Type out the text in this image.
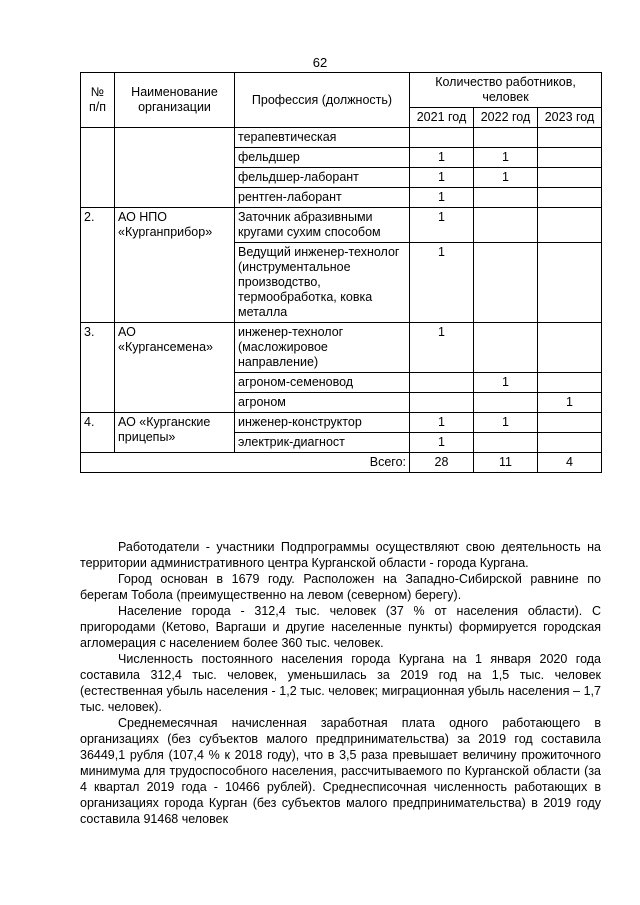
62
№ п/п	Наименование организации	Профессия (должность)	Количество работников, человек		
			2021 год	2022 год	2023 год
		терапевтическая			
		фельдшер	1	1	
		фельдшер-лаборант	1	1	
		рентген-лаборант	1		
2.	АО НПО «Курганприбор»	Заточник абразивными кругами сухим способом	1		
		Ведущий инженер-технолог (инструментальное производство, термообработка, ковка металла	1		
3.	АО «Кургансемена»	инженер-технолог (масложировое направление)	1		
		агроном-семеновод		1	
		агроном			1
4.	АО «Курганские прицепы»	инженер-конструктор	1	1	
		электрик-диагност	1		
Всего:			28	11	4

Работодатели - участники Подпрограммы осуществляют свою деятельность на территории административного центра Курганской области - города Кургана.

Город основан в 1679 году. Расположен на Западно-Сибирской равнине по берегам Тобола (преимущественно на левом (северном) берегу).

Население города - 312,4 тыс. человек (37 % от населения области). С пригородами (Кетово, Варгаши и другие населенные пункты) формируется городская агломерация с населением более 360 тыс. человек.

Численность постоянного населения города Кургана на 1 января 2020 года составила 312,4 тыс. человек, уменьшилась за 2019 год на 1,5 тыс. человек (естественная убыль населения - 1,2 тыс. человек; миграционная убыль населения – 1,7 тыс. человек).

Среднемесячная начисленная заработная плата одного работающего в организациях (без субъектов малого предпринимательства) за 2019 год составила 36449,1 рубля (107,4 % к 2018 году), что в 3,5 раза превышает величину прожиточного минимума для трудоспособного населения, рассчитываемого по Курганской области (за 4 квартал 2019 года - 10466 рублей). Среднесписочная численность работающих в организациях города Курган (без субъектов малого предпринимательства) в 2019 году составила 91468 человек
